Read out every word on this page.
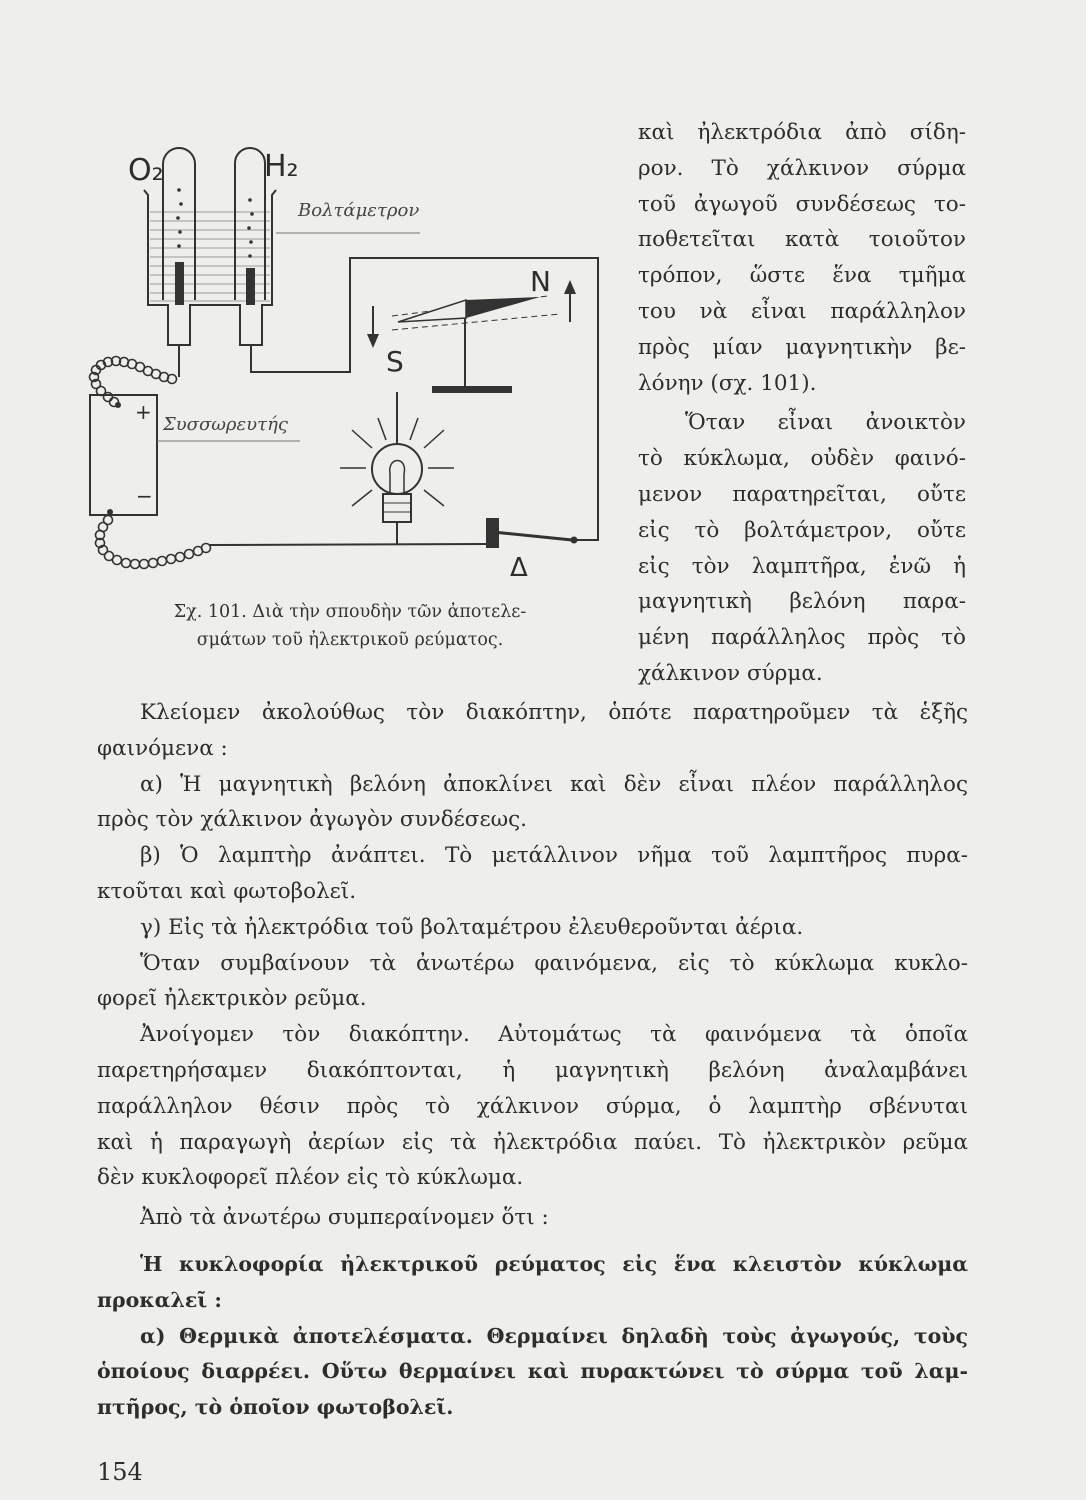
O₂	H₂
Βολτάμετρον
Συσσωρευτής
+
−
N
S
Δ
Σχ. 101. Διὰ τὴν σπουδὴν τῶν ἀποτελε-
σμάτων τοῦ ἠλεκτρικοῦ ρεύματος.
καὶ ἠλεκτρόδια ἀπὸ σίδη-
ρον. Τὸ χάλκινον σύρμα
τοῦ ἀγωγοῦ συνδέσεως το-
ποθετεῖται κατὰ τοιοῦτον
τρόπον, ὥστε ἕνα τμῆμα
του νὰ εἶναι παράλληλον
πρὸς μίαν μαγνητικὴν βε-
λόνην (σχ. 101).
Ὅταν εἶναι ἀνοικτὸν
τὸ κύκλωμα, οὐδὲν φαινό-
μενον παρατηρεῖται, οὔτε
εἰς τὸ βολτάμετρον, οὔτε
εἰς τὸν λαμπτῆρα, ἐνῶ ἡ
μαγνητικὴ βελόνη παρα-
μένη παράλληλος πρὸς τὸ
χάλκινον σύρμα.
Κλείομεν ἀκολούθως τὸν διακόπτην, ὁπότε παρατηροῦμεν τὰ ἑξῆς
φαινόμενα :
α) Ἡ μαγνητικὴ βελόνη ἀποκλίνει καὶ δὲν εἶναι πλέον παράλληλος
πρὸς τὸν χάλκινον ἀγωγὸν συνδέσεως.
β) Ὁ λαμπτὴρ ἀνάπτει. Τὸ μετάλλινον νῆμα τοῦ λαμπτῆρος πυρα-
κτοῦται καὶ φωτοβολεῖ.
γ) Εἰς τὰ ἠλεκτρόδια τοῦ βολταμέτρου ἐλευθεροῦνται ἀέρια.
Ὅταν συμβαίνουν τὰ ἀνωτέρω φαινόμενα, εἰς τὸ κύκλωμα κυκλο-
φορεῖ ἠλεκτρικὸν ρεῦμα.
Ἀνοίγομεν τὸν διακόπτην. Αὐτομάτως τὰ φαινόμενα τὰ ὁποῖα
παρετηρήσαμεν διακόπτονται, ἡ μαγνητικὴ βελόνη ἀναλαμβάνει
παράλληλον θέσιν πρὸς τὸ χάλκινον σύρμα, ὁ λαμπτὴρ σβένυται
καὶ ἡ παραγωγὴ ἀερίων εἰς τὰ ἠλεκτρόδια παύει. Τὸ ἠλεκτρικὸν ρεῦμα
δὲν κυκλοφορεῖ πλέον εἰς τὸ κύκλωμα.
Ἀπὸ τὰ ἀνωτέρω συμπεραίνομεν ὅτι :
Ἡ κυκλοφορία ἠλεκτρικοῦ ρεύματος εἰς ἕνα κλειστὸν κύκλωμα
προκαλεῖ :
α) Θερμικὰ ἀποτελέσματα. Θερμαίνει δηλαδὴ τοὺς ἀγωγούς, τοὺς
ὁποίους διαρρέει. Οὕτω θερμαίνει καὶ πυρακτώνει τὸ σύρμα τοῦ λαμ-
πτῆρος, τὸ ὁποῖον φωτοβολεῖ.
154
